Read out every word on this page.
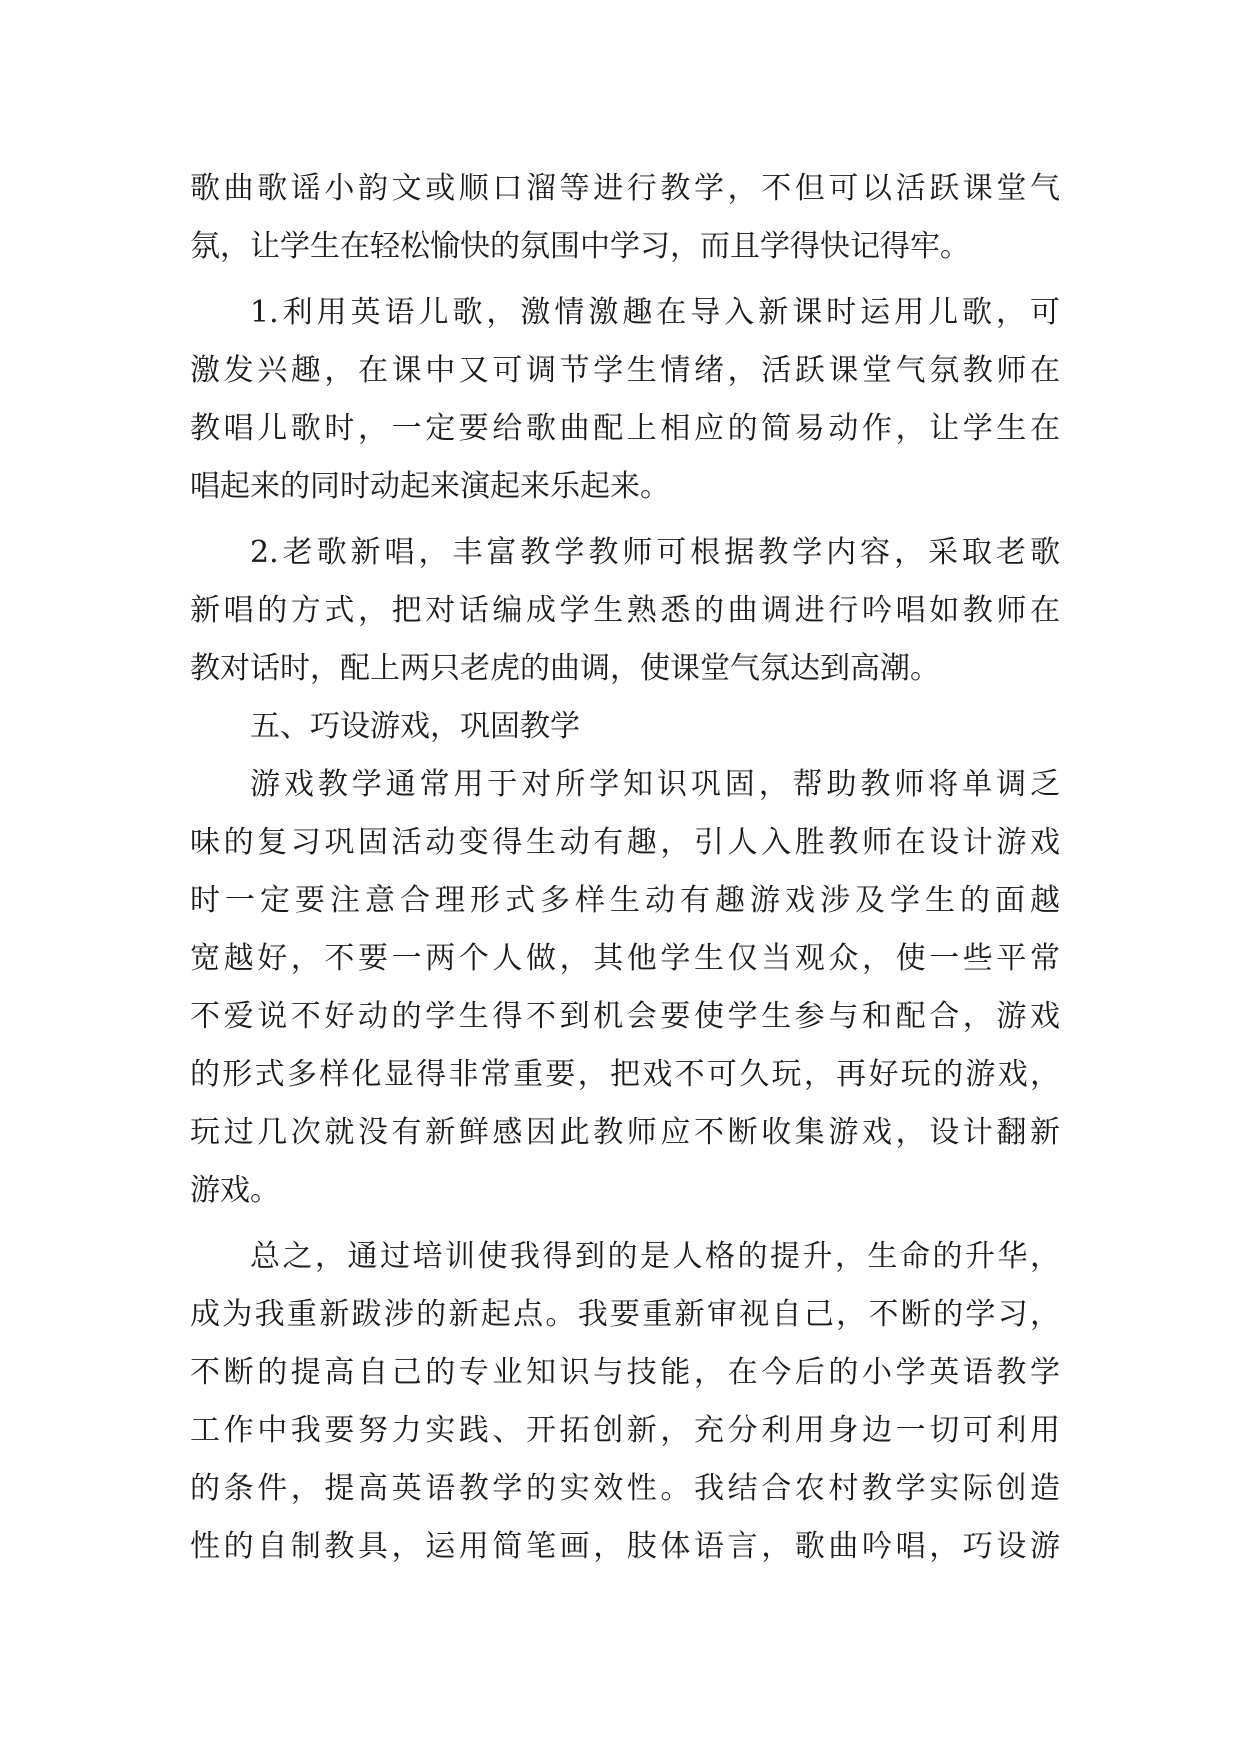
歌曲歌谣小韵文或顺口溜等进行教学，不但可以活跃课堂气
氛，让学生在轻松愉快的氛围中学习，而且学得快记得牢。
1.利用英语儿歌，激情激趣在导入新课时运用儿歌，可
激发兴趣，在课中又可调节学生情绪，活跃课堂气氛教师在
教唱儿歌时，一定要给歌曲配上相应的简易动作，让学生在
唱起来的同时动起来演起来乐起来。
2.老歌新唱，丰富教学教师可根据教学内容，采取老歌
新唱的方式，把对话编成学生熟悉的曲调进行吟唱如教师在
教对话时，配上两只老虎的曲调，使课堂气氛达到高潮。
五、巧设游戏，巩固教学
游戏教学通常用于对所学知识巩固，帮助教师将单调乏
味的复习巩固活动变得生动有趣，引人入胜教师在设计游戏
时一定要注意合理形式多样生动有趣游戏涉及学生的面越
宽越好，不要一两个人做，其他学生仅当观众，使一些平常
不爱说不好动的学生得不到机会要使学生参与和配合，游戏
的形式多样化显得非常重要，把戏不可久玩，再好玩的游戏，
玩过几次就没有新鲜感因此教师应不断收集游戏，设计翻新
游戏。
总之，通过培训使我得到的是人格的提升，生命的升华，
成为我重新跋涉的新起点。我要重新审视自己，不断的学习，
不断的提高自己的专业知识与技能，在今后的小学英语教学
工作中我要努力实践、开拓创新，充分利用身边一切可利用
的条件，提高英语教学的实效性。我结合农村教学实际创造
性的自制教具，运用简笔画，肢体语言，歌曲吟唱，巧设游
